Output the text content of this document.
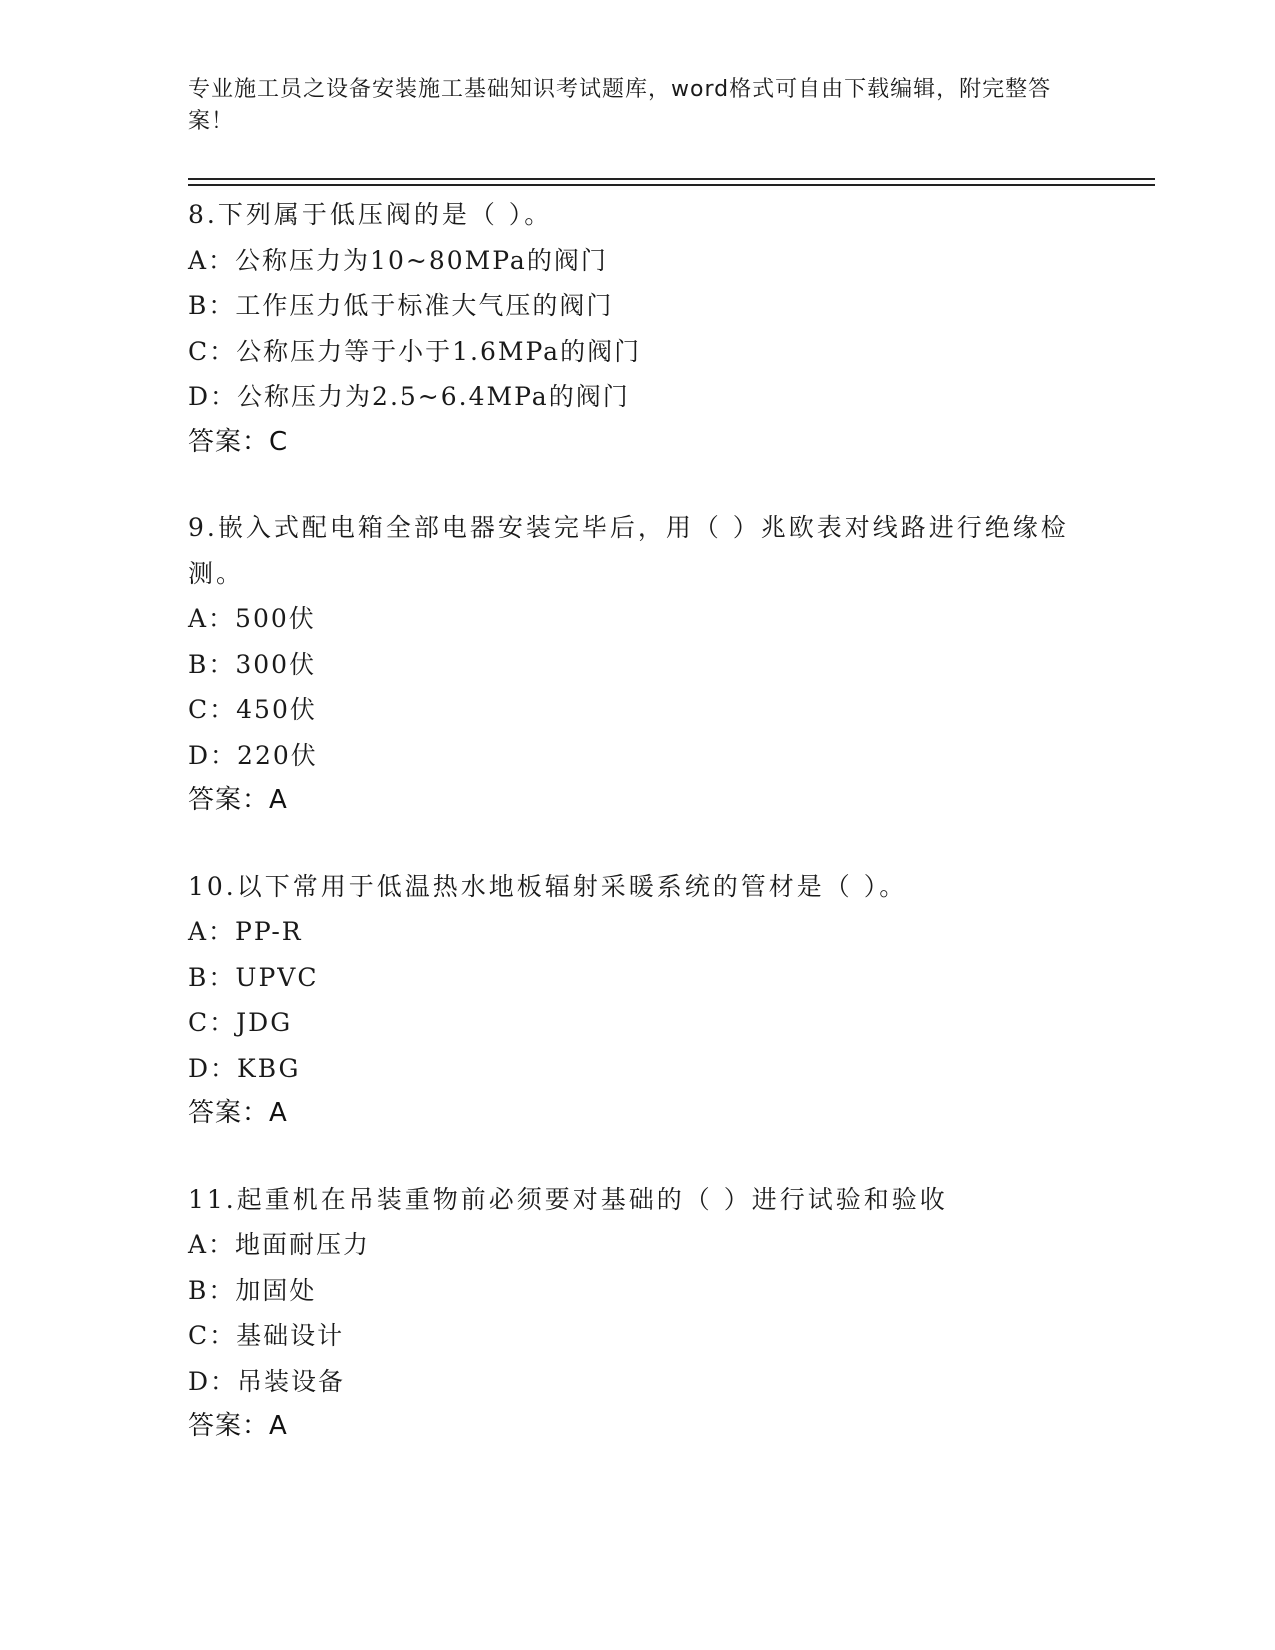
专业施工员之设备安装施工基础知识考试题库，word格式可自由下载编辑，附完整答案！

8.下列属于低压阀的是（ ）。

A：公称压力为10~80MPa的阀门

B：工作压力低于标准大气压的阀门

C：公称压力等于小于1.6MPa的阀门

D：公称压力为2.5~6.4MPa的阀门

答案：C

9.嵌入式配电箱全部电器安装完毕后，用（ ）兆欧表对线路进行绝缘检测。

A：500伏

B：300伏

C：450伏

D：220伏

答案：A

10.以下常用于低温热水地板辐射采暖系统的管材是（ ）。

A：PP-R

B：UPVC

C：JDG

D：KBG

答案：A

11.起重机在吊装重物前必须要对基础的（ ）进行试验和验收

A：地面耐压力

B：加固处

C：基础设计

D：吊装设备

答案：A
